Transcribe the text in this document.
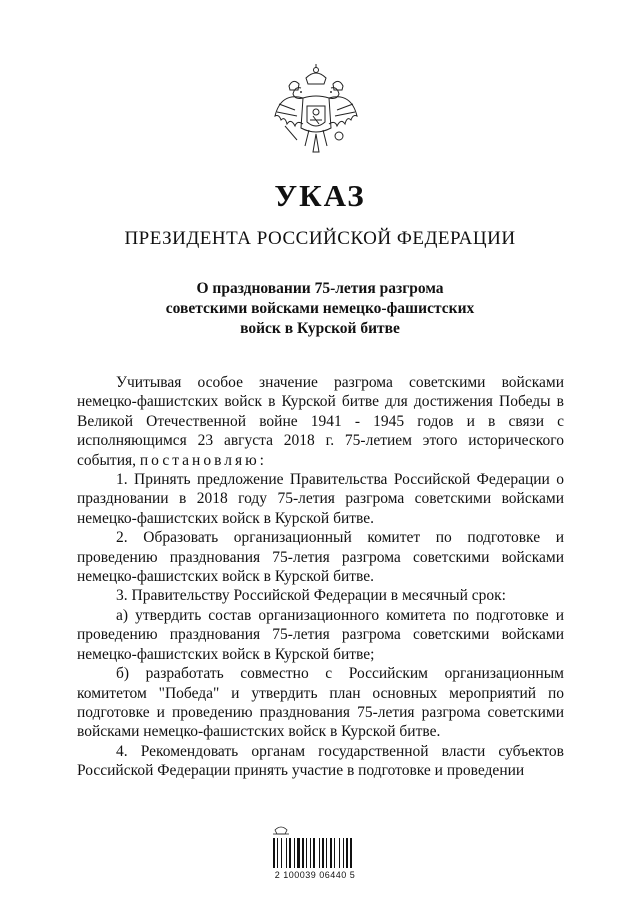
УКАЗ
ПРЕЗИДЕНТА РОССИЙСКОЙ ФЕДЕРАЦИИ
О праздновании 75-летия разгрома
советскими войсками немецко-фашистских
войск в Курской битве

Учитывая особое значение разгрома советскими войсками немецко-фашистских войск в Курской битве для достижения Победы в Великой Отечественной войне 1941 - 1945 годов и в связи с исполняющимся 23 августа 2018 г. 75-летием этого исторического события, постановляю:

1. Принять предложение Правительства Российской Федерации о праздновании в 2018 году 75-летия разгрома советскими войсками немецко-фашистских войск в Курской битве.

2. Образовать организационный комитет по подготовке и проведению празднования 75-летия разгрома советскими войсками немецко-фашистских войск в Курской битве.

3. Правительству Российской Федерации в месячный срок:

а) утвердить состав организационного комитета по подготовке и проведению празднования 75-летия разгрома советскими войсками немецко-фашистских войск в Курской битве;

б) разработать совместно с Российским организационным комитетом "Победа" и утвердить план основных мероприятий по подготовке и проведению празднования 75-летия разгрома советскими войсками немецко-фашистских войск в Курской битве.

4. Рекомендовать органам государственной власти субъектов Российской Федерации принять участие в подготовке и проведении

2 100039 06440 5
